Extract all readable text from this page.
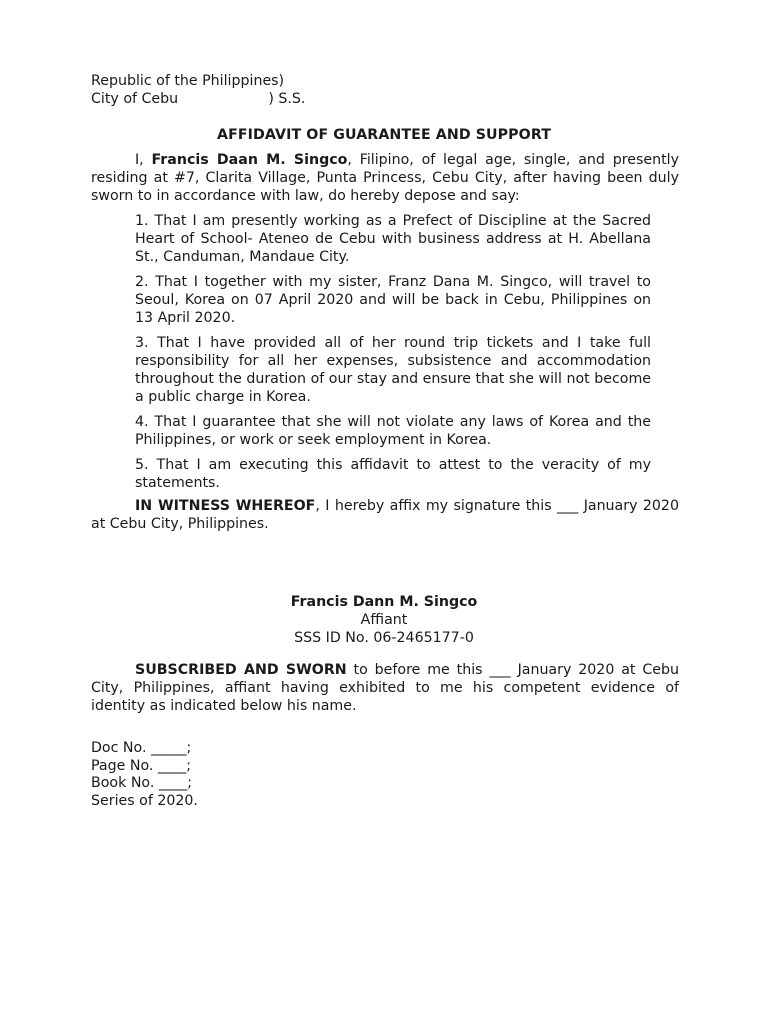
Republic of the Philippines)
City of Cebu                    ) S.S.
AFFIDAVIT OF GUARANTEE AND SUPPORT
I, Francis Daan M. Singco, Filipino, of legal age, single, and presently residing at #7, Clarita Village, Punta Princess, Cebu City, after having been duly sworn to in accordance with law, do hereby depose and say:
1. That I am presently working as a Prefect of Discipline at the Sacred Heart of School- Ateneo de Cebu with business address at H. Abellana St., Canduman, Mandaue City.
2. That I together with my sister, Franz Dana M. Singco, will travel to Seoul, Korea on 07 April 2020 and will be back in Cebu, Philippines on 13 April 2020.
3. That I have provided all of her round trip tickets and I take full responsibility for all her expenses, subsistence and accommodation throughout the duration of our stay and ensure that she will not become a public charge in Korea.
4. That I guarantee that she will not violate any laws of Korea and the Philippines, or work or seek employment in Korea.
5. That I am executing this affidavit to attest to the veracity of my statements.
IN WITNESS WHEREOF, I hereby affix my signature this ___ January 2020 at Cebu City, Philippines.
Francis Dann M. Singco
Affiant
SSS ID No. 06-2465177-0
SUBSCRIBED AND SWORN to before me this ___ January 2020 at Cebu City, Philippines, affiant having exhibited to me his competent evidence of identity as indicated below his name.
Doc No. _____;
Page No. ____;
Book No. ____;
Series of 2020.
